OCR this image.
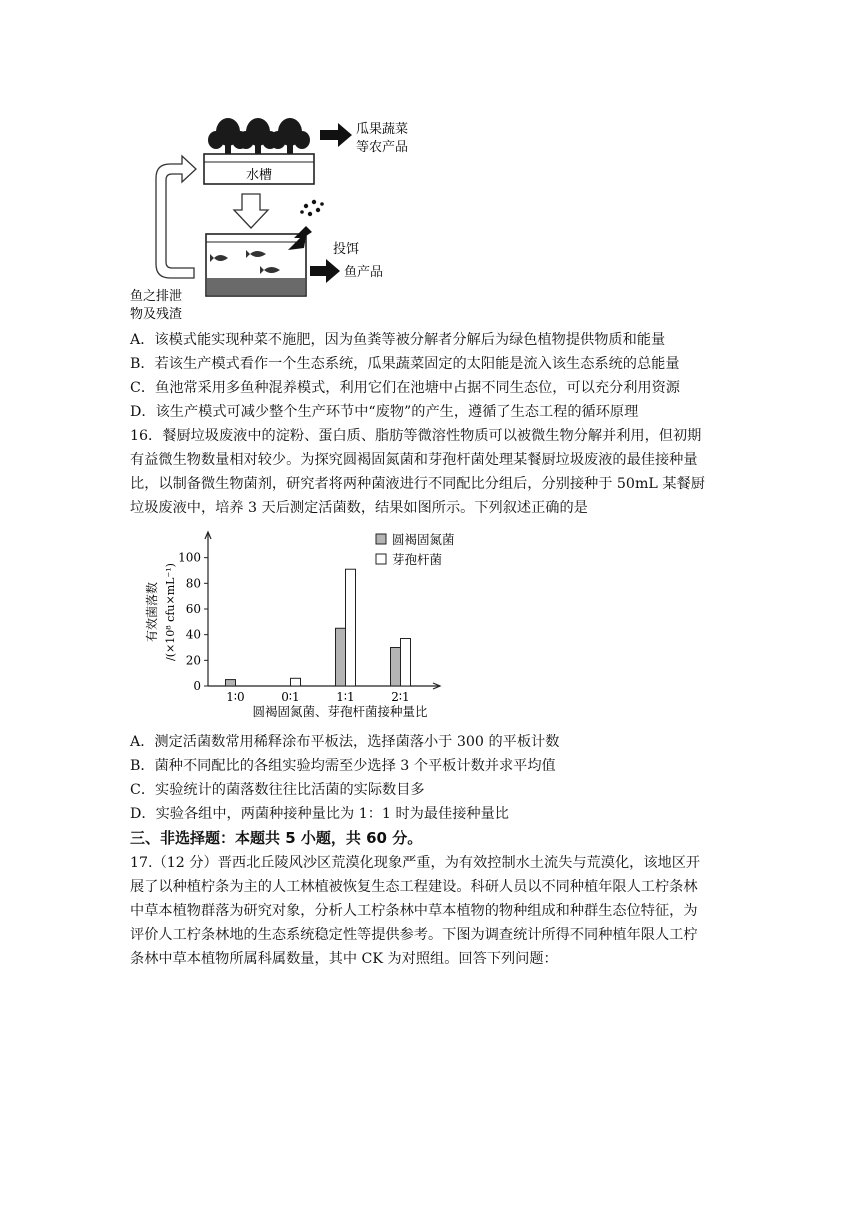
水槽
瓜果蔬菜
等农产品
投饵
鱼产品
鱼之排泄
物及残渣
A．该模式能实现种菜不施肥，因为鱼粪等被分解者分解后为绿色植物提供物质和能量
B．若该生产模式看作一个生态系统，瓜果蔬菜固定的太阳能是流入该生态系统的总能量
C．鱼池常采用多鱼种混养模式，利用它们在池塘中占据不同生态位，可以充分利用资源
D．该生产模式可减少整个生产环节中“废物”的产生，遵循了生态工程的循环原理
16．餐厨垃圾废液中的淀粉、蛋白质、脂肪等微溶性物质可以被微生物分解并利用，但初期
有益微生物数量相对较少。为探究圆褐固氮菌和芽孢杆菌处理某餐厨垃圾废液的最佳接种量
比，以制备微生物菌剂，研究者将两种菌液进行不同配比分组后，分别接种于 50mL 某餐厨
垃圾废液中，培养 3 天后测定活菌数，结果如图所示。下列叙述正确的是
0
20
40
60
80
100
1∶0	0∶1	1∶1	2∶1
有效菌落数 /(×10⁸ cfu×mL⁻¹)
圆褐固氮菌、芽孢杆菌接种量比
圆褐固氮菌
芽孢杆菌
A．测定活菌数常用稀释涂布平板法，选择菌落小于 300 的平板计数
B．菌种不同配比的各组实验均需至少选择 3 个平板计数并求平均值
C．实验统计的菌落数往往比活菌的实际数目多
D．实验各组中，两菌种接种量比为 1：1 时为最佳接种量比
三、非选择题：本题共 5 小题，共 60 分。
17.（12 分）晋西北丘陵风沙区荒漠化现象严重，为有效控制水土流失与荒漠化，该地区开
展了以种植柠条为主的人工林植被恢复生态工程建设。科研人员以不同种植年限人工柠条林
中草本植物群落为研究对象，分析人工柠条林中草本植物的物种组成和种群生态位特征，为
评价人工柠条林地的生态系统稳定性等提供参考。下图为调查统计所得不同种植年限人工柠
条林中草本植物所属科属数量，其中 CK 为对照组。回答下列问题：
